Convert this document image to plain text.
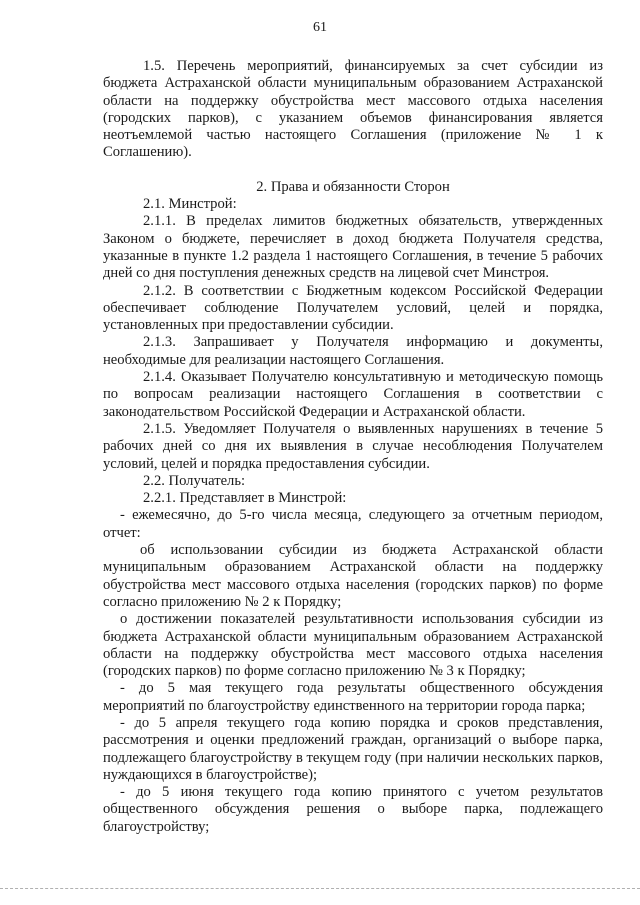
61

1.5. Перечень мероприятий, финансируемых за счет субсидии из бюджета Астраханской области муниципальным образованием Астраханской области на поддержку обустройства мест массового отдыха населения (городских парков), с указанием объемов финансирования является неотъемлемой частью настоящего Соглашения (приложение № 1 к Соглашению).

2. Права и обязанности Сторон

2.1. Минстрой:

2.1.1. В пределах лимитов бюджетных обязательств, утвержденных Законом о бюджете, перечисляет в доход бюджета Получателя средства, указанные в пункте 1.2 раздела 1 настоящего Соглашения, в течение 5 рабочих дней со дня поступления денежных средств на лицевой счет Минстроя.

2.1.2. В соответствии с Бюджетным кодексом Российской Федерации обеспечивает соблюдение Получателем условий, целей и порядка, установленных при предоставлении субсидии.

2.1.3. Запрашивает у Получателя информацию и документы, необходимые для реализации настоящего Соглашения.

2.1.4. Оказывает Получателю консультативную и методическую помощь по вопросам реализации настоящего Соглашения в соответствии с законодательством Российской Федерации и Астраханской области.

2.1.5. Уведомляет Получателя о выявленных нарушениях в течение 5 рабочих дней со дня их выявления в случае несоблюдения Получателем условий, целей и порядка предоставления субсидии.

2.2. Получатель:

2.2.1. Представляет в Минстрой:

- ежемесячно, до 5-го числа месяца, следующего за отчетным периодом, отчет:

об использовании субсидии из бюджета Астраханской области муниципальным образованием Астраханской области на поддержку обустройства мест массового отдыха населения (городских парков) по форме согласно приложению № 2 к Порядку;

о достижении показателей результативности использования субсидии из бюджета Астраханской области муниципальным образованием Астраханской области на поддержку обустройства мест массового отдыха населения (городских парков) по форме согласно приложению № 3 к Порядку;

- до 5 мая текущего года результаты общественного обсуждения мероприятий по благоустройству единственного на территории города парка;

- до 5 апреля текущего года копию порядка и сроков представления, рассмотрения и оценки предложений граждан, организаций о выборе парка, подлежащего благоустройству в текущем году (при наличии нескольких парков, нуждающихся в благоустройстве);

- до 5 июня текущего года копию принятого с учетом результатов общественного обсуждения решения о выборе парка, подлежащего благоустройству;
